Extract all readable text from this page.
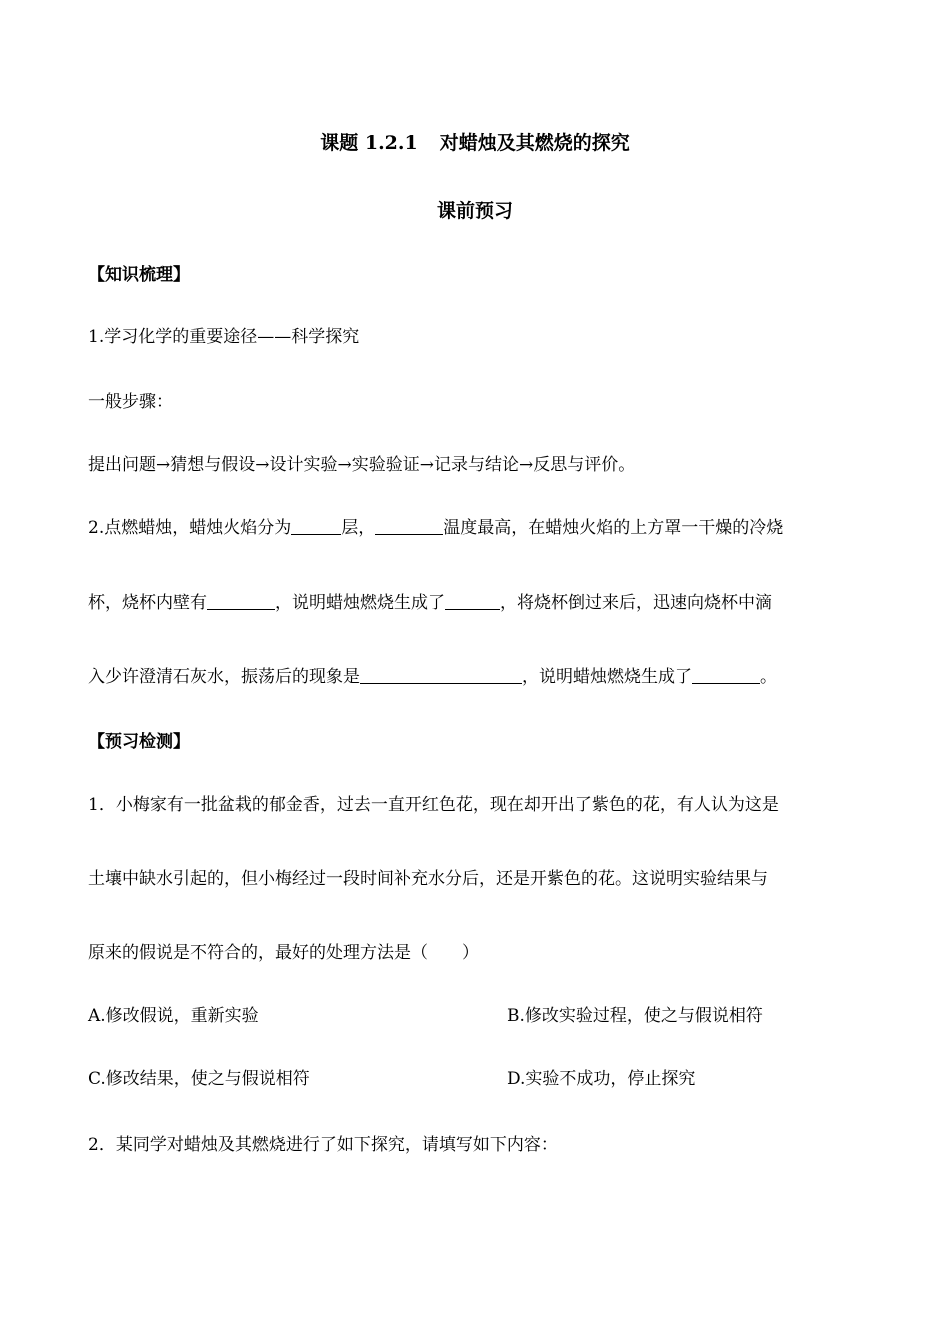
课题 1.2.1 对蜡烛及其燃烧的探究
课前预习
【知识梳理】
1.学习化学的重要途径——科学探究
一般步骤：
提出问题→猜想与假设→设计实验→实验验证→记录与结论→反思与评价。
2.点燃蜡烛，蜡烛火焰分为	层，	温度最高，在蜡烛火焰的上方罩一干燥的冷烧
杯，烧杯内壁有	，说明蜡烛燃烧生成了	，将烧杯倒过来后，迅速向烧杯中滴
入少许澄清石灰水，振荡后的现象是	，说明蜡烛燃烧生成了	。
【预习检测】
1．小梅家有一批盆栽的郁金香，过去一直开红色花，现在却开出了紫色的花，有人认为这是
土壤中缺水引起的，但小梅经过一段时间补充水分后，还是开紫色的花。这说明实验结果与
原来的假说是不符合的，最好的处理方法是（　　）
A.修改假说，重新实验	B.修改实验过程，使之与假说相符
C.修改结果，使之与假说相符	D.实验不成功，停止探究
2．某同学对蜡烛及其燃烧进行了如下探究，请填写如下内容：
